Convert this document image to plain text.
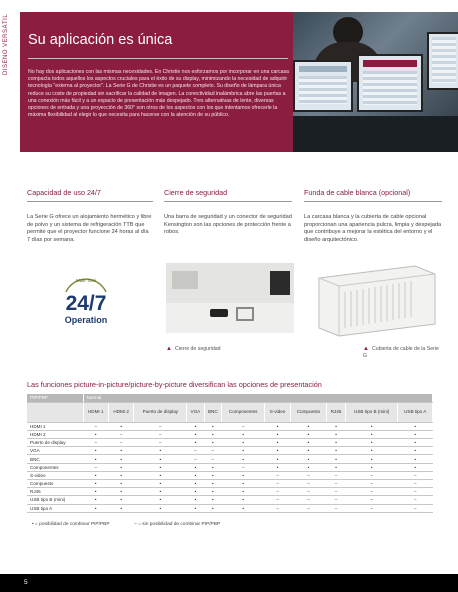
DISEÑO VERSÁTIL	Su aplicación es única

No hay dos aplicaciones con las mismas necesidades. En Christie nos esforzamos por incorporar en una carcasa compacta todos aquellos los aspectos cruciales para el éxito de su display, minimizando la necesidad de adquirir tecnología "externa al proyector". La Serie G de Christie es un paquete completo. Su diseño de lámpara única reduce su coste de propiedad sin sacrificar la calidad de imagen. La conectividad inalámbrica abre las puertas a una conexión más fácil y a un espacio de presentación más despejado. Tres alternativas de lente, diversas opciones de entrada y una proyección de 360° son otros de los aspectos con los que intentamos ofrecerle la máxima flexibilidad al elegir lo que necesita para hacerse con la atención de su público.

Capacidad de uso 24/7

La Serie G ofrece un alojamiento hermético y libre de polvo y un sistema de refrigeración TTB que permite que el proyector funcione 24 horas al día 7 días por semana.

Cierre de seguridad

Una barra de seguridad y un conector de seguridad Kensington son las opciones de protección frente a robos.

Funda de cable blanca (opcional)

La carcasa blanca y la cubierta de cable opcional proporcionan una apariencia pulcra, limpia y despejada que contribuye a mejorar la estética del entorno y el diseño arquitectónico.

Multi-Task
24/7
Operation
▲ Cierre de seguridad	▲ Cubierta de cable de la Serie G
Las funciones picture-in-picture/picture-by-picture diversifican las opciones de presentación
PIP/PBP	Normal										
	HDMI 1	HDMI 2	Puerto de display	VGA	BNC	Componentes	S-video	Compuesto	RJ45	USB tipo B (mini)	USB tipo A
HDMI 1	–	•	–	•	•	–	•	•	•	•	•
HDMI 2	•	–	–	•	•	•	•	•	•	•	•
Puerto de display	–	–	–	•	•	•	•	•	•	•	•
VGA	•	•	•	–	–	•	•	•	•	•	•
BNC	•	•	•	–	–	•	•	•	•	•	•
Componentes	–	•	•	•	•	–	•	•	•	•	•
S-video	•	•	•	•	•	•	–	–	–	–	–
Compuesto	•	•	•	•	•	•	–	–	–	–	–
RJ45	•	•	•	•	•	•	–	–	–	–	–
USB tipo B (mini)	•	•	•	•	•	•	–	–	–	–	–
USB tipo A	•	•	•	•	•	•	–	–	–	–	–
• = posibilidad de combinar PIP/PBP	– = sin posibilidad de combinar PIP/PBP
5
